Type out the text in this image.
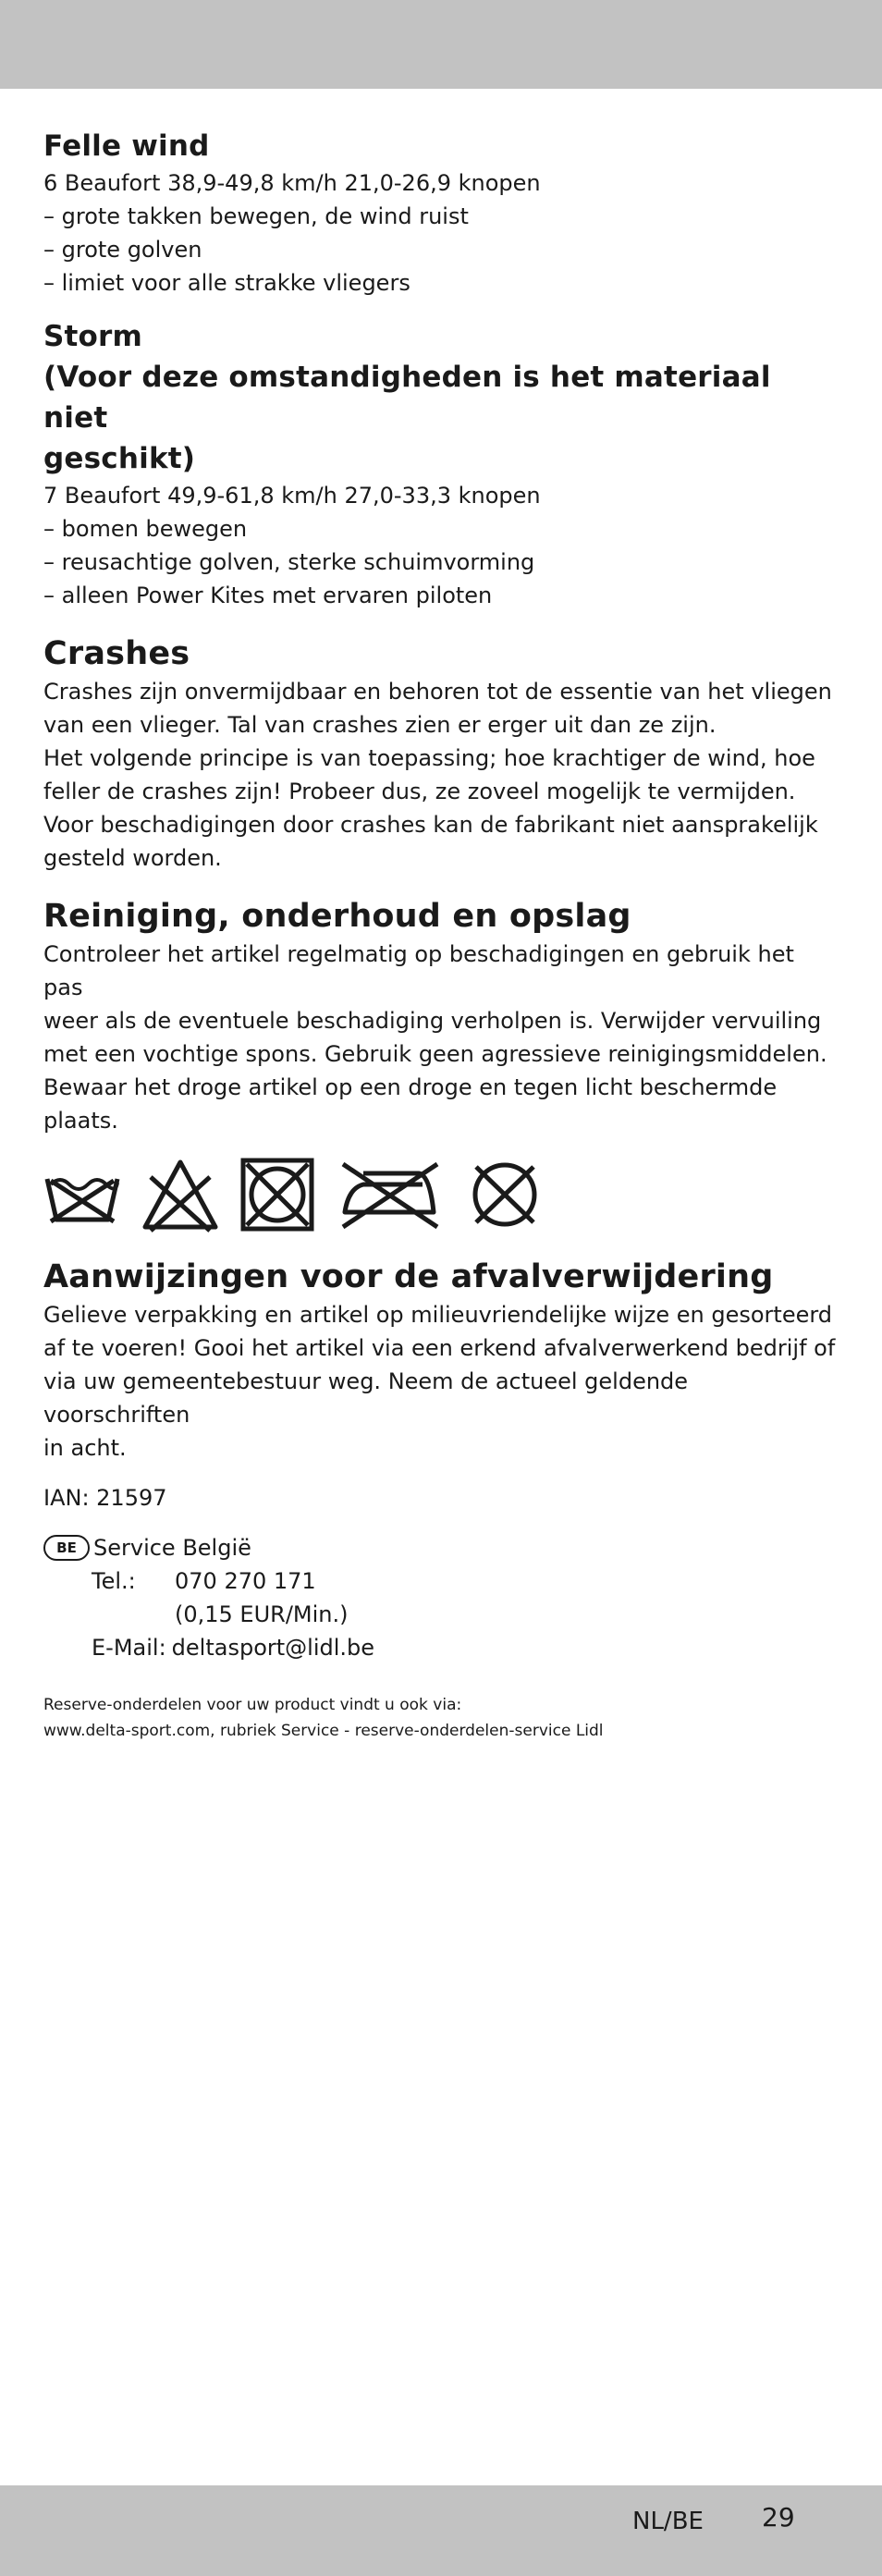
Felle wind

6 Beaufort 38,9-49,8 km/h 21,0-26,9 knopen

– grote takken bewegen, de wind ruist

– grote golven

– limiet voor alle strakke vliegers

Storm
(Voor deze omstandigheden is het materiaal niet
geschikt)

7 Beaufort 49,9-61,8 km/h 27,0-33,3 knopen

– bomen bewegen

– reusachtige golven, sterke schuimvorming

– alleen Power Kites met ervaren piloten

Crashes

Crashes zijn onvermijdbaar en behoren tot de essentie van het vliegen

van een vlieger. Tal van crashes zien er erger uit dan ze zijn.

Het volgende principe is van toepassing; hoe krachtiger de wind, hoe

feller de crashes zijn! Probeer dus, ze zoveel mogelijk te vermijden.

Voor beschadigingen door crashes kan de fabrikant niet aansprakelijk

gesteld worden.

Reiniging, onderhoud en opslag

Controleer het artikel regelmatig op beschadigingen en gebruik het pas

weer als de eventuele beschadiging verholpen is. Verwijder vervuiling

met een vochtige spons. Gebruik geen agressieve reinigingsmiddelen.

Bewaar het droge artikel op een droge en tegen licht beschermde plaats.

Aanwijzingen voor de afvalverwijdering

Gelieve verpakking en artikel op milieuvriendelijke wijze en gesorteerd

af te voeren! Gooi het artikel via een erkend afvalverwerkend bedrijf of

via uw gemeentebestuur weg. Neem de actueel geldende voorschriften

in acht.

IAN: 21597

BE Service België
Tel.:	070 270 171
(0,15 EUR/Min.)
E-Mail: deltasport@lidl.be
Reserve-onderdelen voor uw product vindt u ook via:
www.delta-sport.com, rubriek Service - reserve-onderdelen-service Lidl
NL/BE 29
